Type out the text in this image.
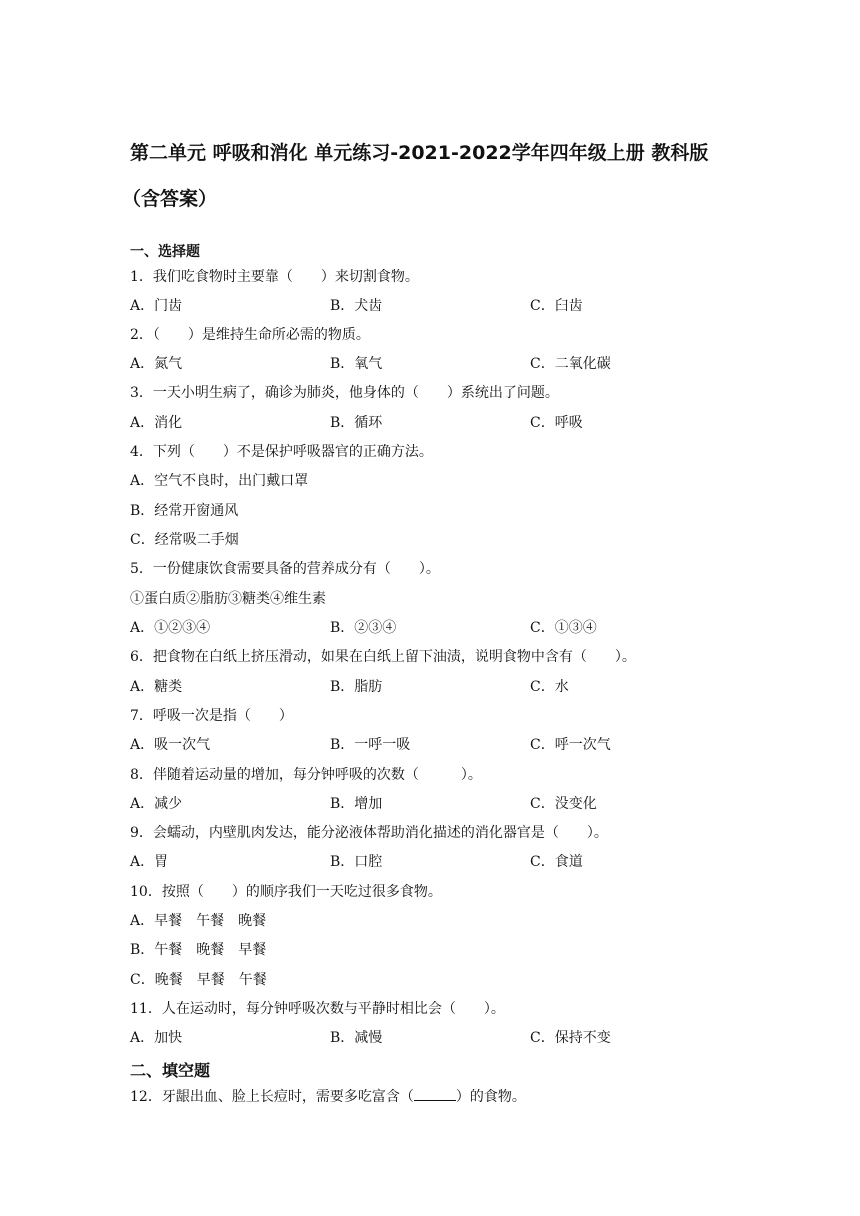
第二单元 呼吸和消化 单元练习-2021-2022学年四年级上册 教科版
（含答案）
一、选择题
1．我们吃食物时主要靠（　　）来切割食物。
A．门齿	B．犬齿	C．臼齿
2．（　　）是维持生命所必需的物质。
A．氮气	B．氧气	C．二氧化碳
3．一天小明生病了，确诊为肺炎，他身体的（　　）系统出了问题。
A．消化	B．循环	C．呼吸
4．下列（　　）不是保护呼吸器官的正确方法。
A．空气不良时，出门戴口罩
B．经常开窗通风
C．经常吸二手烟
5．一份健康饮食需要具备的营养成分有（　　）。
①蛋白质②脂肪③糖类④维生素
A．①②③④	B．②③④	C．①③④
6．把食物在白纸上挤压滑动，如果在白纸上留下油渍，说明食物中含有（　　）。
A．糖类	B．脂肪	C．水
7．呼吸一次是指（　　）
A．吸一次气	B．一呼一吸	C．呼一次气
8．伴随着运动量的增加，每分钟呼吸的次数（　　　）。
A．减少	B．增加	C．没变化
9．会蠕动，内壁肌肉发达，能分泌液体帮助消化描述的消化器官是（　　）。
A．胃	B．口腔	C．食道
10．按照（　　）的顺序我们一天吃过很多食物。
A．早餐　午餐　晚餐
B．午餐　晚餐　早餐
C．晚餐　早餐　午餐
11．人在运动时，每分钟呼吸次数与平静时相比会（　　）。
A．加快	B．减慢	C．保持不变
二、填空题
12．牙龈出血、脸上长痘时，需要多吃富含（	）的食物。
